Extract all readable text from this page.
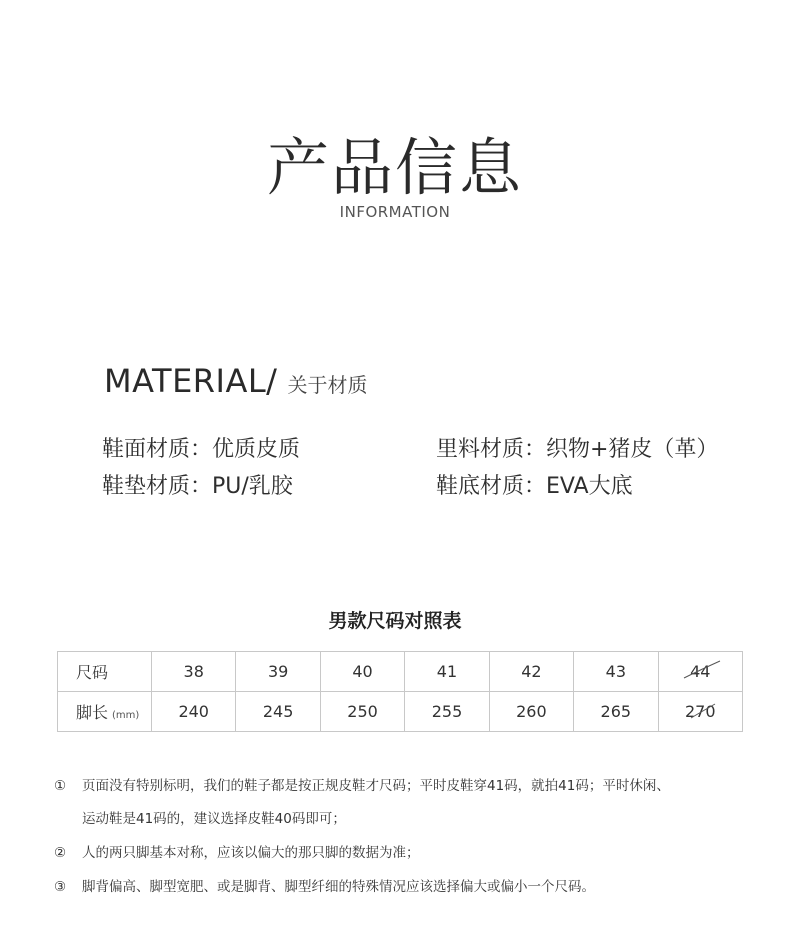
产品信息
INFORMATION
MATERIAL/ 关于材质
鞋面材质：优质皮质	里料材质：织物+猪皮（革）
鞋垫材质：PU/乳胶	鞋底材质：EVA大底
男款尺码对照表
尺码	38	39	40	41	42	43	44

脚长 (mm)	240	245	250	255	260	265	270
① 页面没有特别标明，我们的鞋子都是按正规皮鞋才尺码；平时皮鞋穿41码，就拍41码；平时休闲、
运动鞋是41码的，建议选择皮鞋40码即可；
② 人的两只脚基本对称，应该以偏大的那只脚的数据为准；
③ 脚背偏高、脚型宽肥、或是脚背、脚型纤细的特殊情况应该选择偏大或偏小一个尺码。
